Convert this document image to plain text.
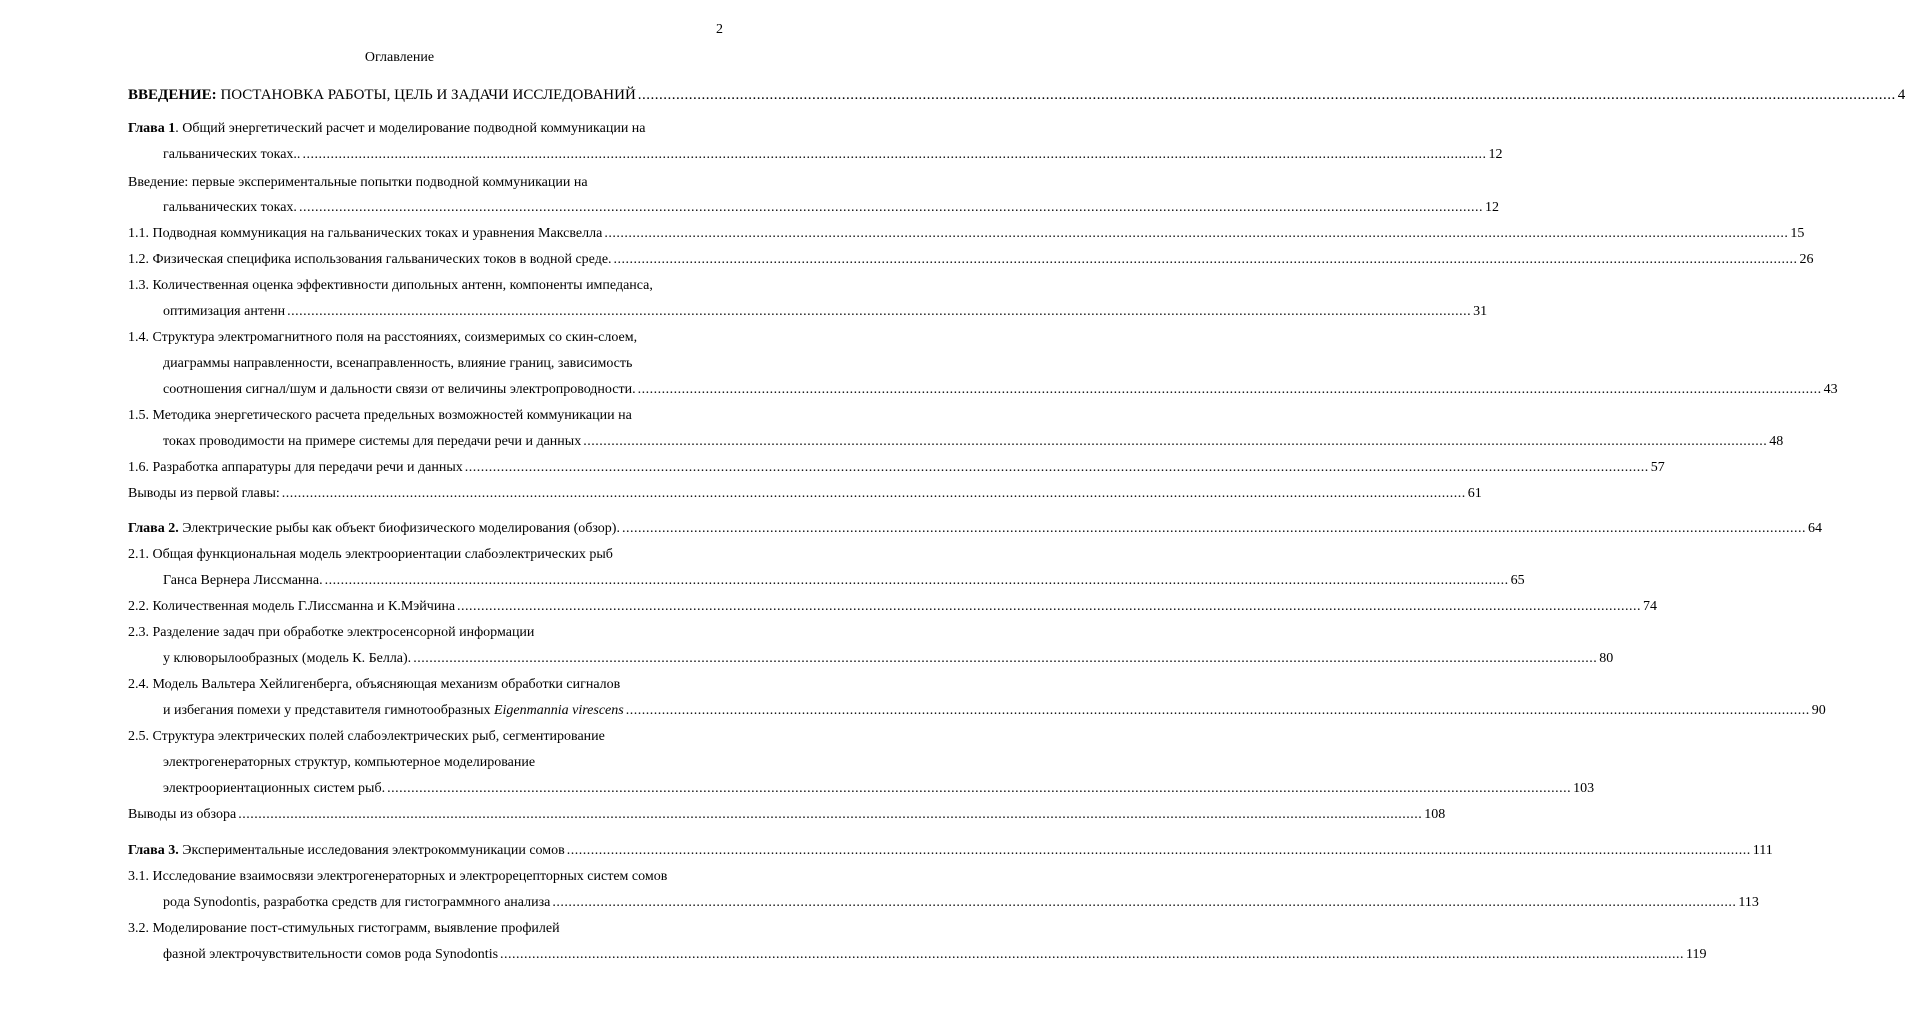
2
Оглавление
ВВЕДЕНИЕ: ПОСТАНОВКА РАБОТЫ, ЦЕЛЬ И ЗАДАЧИ ИССЛЕДОВАНИЙ .....	4
Глава 1. Общий энергетический расчет и моделирование подводной коммуникации на
гальванических токах.. .....	12
Введение: первые экспериментальные попытки подводной коммуникации на
гальванических токах. .....	12
1.1. Подводная коммуникация на гальванических токах и уравнения Максвелла .....	15
1.2. Физическая специфика использования гальванических токов в водной среде. .....	26
1.3. Количественная оценка эффективности дипольных антенн, компоненты импеданса,
оптимизация антенн .....	31
1.4. Структура электромагнитного поля на расстояниях, соизмеримых со скин-слоем,
диаграммы направленности, всенаправленность, влияние границ, зависимость
соотношения сигнал/шум и дальности связи от величины электропроводности. .....	43
1.5. Методика энергетического расчета предельных возможностей коммуникации на
токах проводимости на примере системы для передачи речи и данных .....	48
1.6. Разработка аппаратуры для передачи речи и данных .....	57
Выводы из первой главы: .....	61
Глава 2. Электрические рыбы как объект биофизического моделирования (обзор). .....	64
2.1. Общая функциональная модель электроориентации слабоэлектрических рыб
Ганса Вернера Лиссманна. .....	65
2.2. Количественная модель Г.Лиссманна и К.Мэйчина .....	74
2.3. Разделение задач при обработке электросенсорной информации
у клюворылообразных (модель К. Белла). .....	80
2.4. Модель Вальтера Хейлигенберга, объясняющая механизм обработки сигналов
и избегания помехи у представителя гимнотообразных Eigenmannia virescens .....	90
2.5. Структура электрических полей слабоэлектрических рыб, сегментирование
электрогенераторных структур, компьютерное моделирование
электроориентационных систем рыб. .....	103
Выводы из обзора .....	108
Глава 3. Экспериментальные исследования электрокоммуникации сомов .....	111
3.1. Исследование взаимосвязи электрогенераторных и электрорецепторных систем сомов
рода Synodontis, разработка средств для гистограммного анализа .....	113
3.2. Моделирование пост-стимульных гистограмм, выявление профилей
фазной электрочувствительности сомов рода Synodontis .....	119
